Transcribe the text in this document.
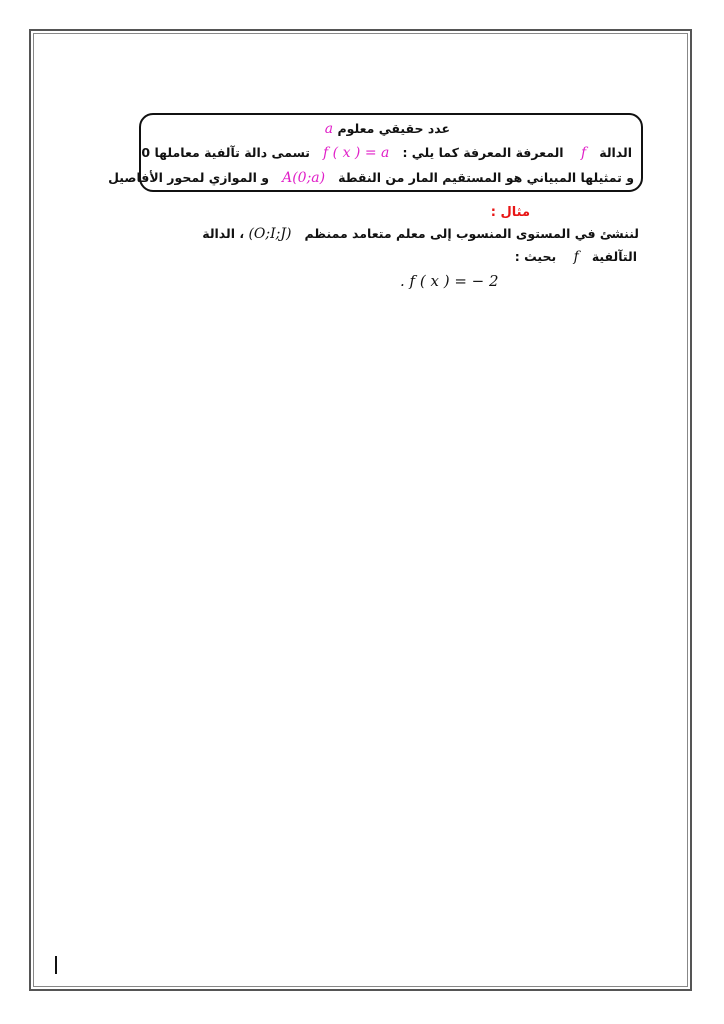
a عدد حقيقي معلوم
تسمى دالة تآلفية معاملها 0 f ( x ) = a المعرفة المعرفة كما يلي : f الدالة
و الموازي لمحور الأفاصيل A(0;a) و تمثيلها المبياني هو المستقيم المار من النقطة
مثال :
، الدالة (O;I;J) لننشئ في المستوى المنسوب إلى معلم متعامد ممنظم
بحيث : f التآلفية
. f ( x ) = − 2
